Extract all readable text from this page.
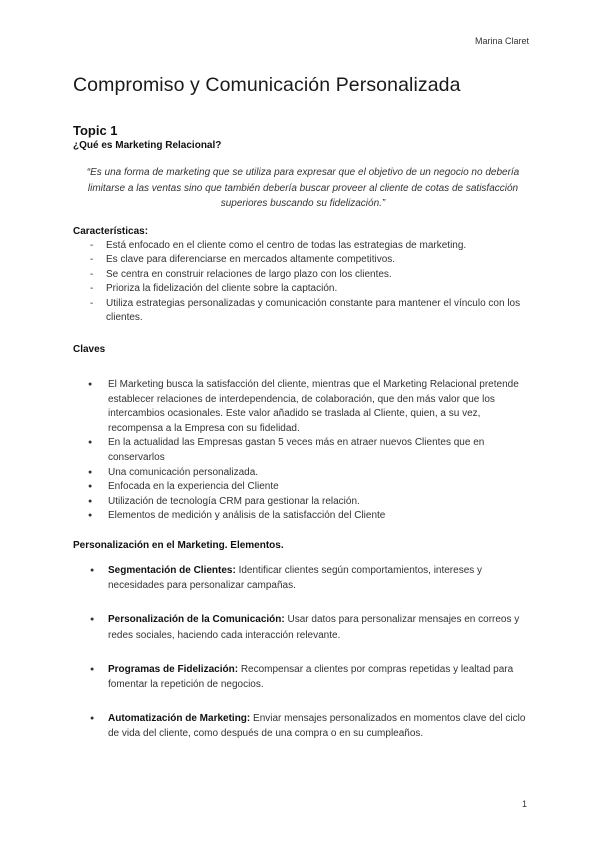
Marina Claret
Compromiso y Comunicación Personalizada
Topic 1
¿Qué es Marketing Relacional?

“Es una forma de marketing que se utiliza para expresar que el objetivo de un negocio no debería limitarse a las ventas sino que también debería buscar proveer al cliente de cotas de satisfacción superiores buscando su fidelización.”

Características:
- Está enfocado en el cliente como el centro de todas las estrategias de marketing.
- Es clave para diferenciarse en mercados altamente competitivos.
- Se centra en construir relaciones de largo plazo con los clientes.
- Prioriza la fidelización del cliente sobre la captación.
- Utiliza estrategias personalizadas y comunicación constante para mantener el vínculo con los clientes.
Claves
● El Marketing busca la satisfacción del cliente, mientras que el Marketing Relacional pretende establecer relaciones de interdependencia, de colaboración, que den más valor que los intercambios ocasionales. Este valor añadido se traslada al Cliente, quien, a su vez, recompensa a la Empresa con su fidelidad.
● En la actualidad las Empresas gastan 5 veces más en atraer nuevos Clientes que en conservarlos
● Una comunicación personalizada.
● Enfocada en la experiencia del Cliente
● Utilización de tecnología CRM para gestionar la relación.
● Elementos de medición y análisis de la satisfacción del Cliente
Personalización en el Marketing. Elementos.
● Segmentación de Clientes: Identificar clientes según comportamientos, intereses y necesidades para personalizar campañas.
● Personalización de la Comunicación: Usar datos para personalizar mensajes en correos y redes sociales, haciendo cada interacción relevante.
● Programas de Fidelización: Recompensar a clientes por compras repetidas y lealtad para fomentar la repetición de negocios.
● Automatización de Marketing: Enviar mensajes personalizados en momentos clave del ciclo de vida del cliente, como después de una compra o en su cumpleaños.
1
